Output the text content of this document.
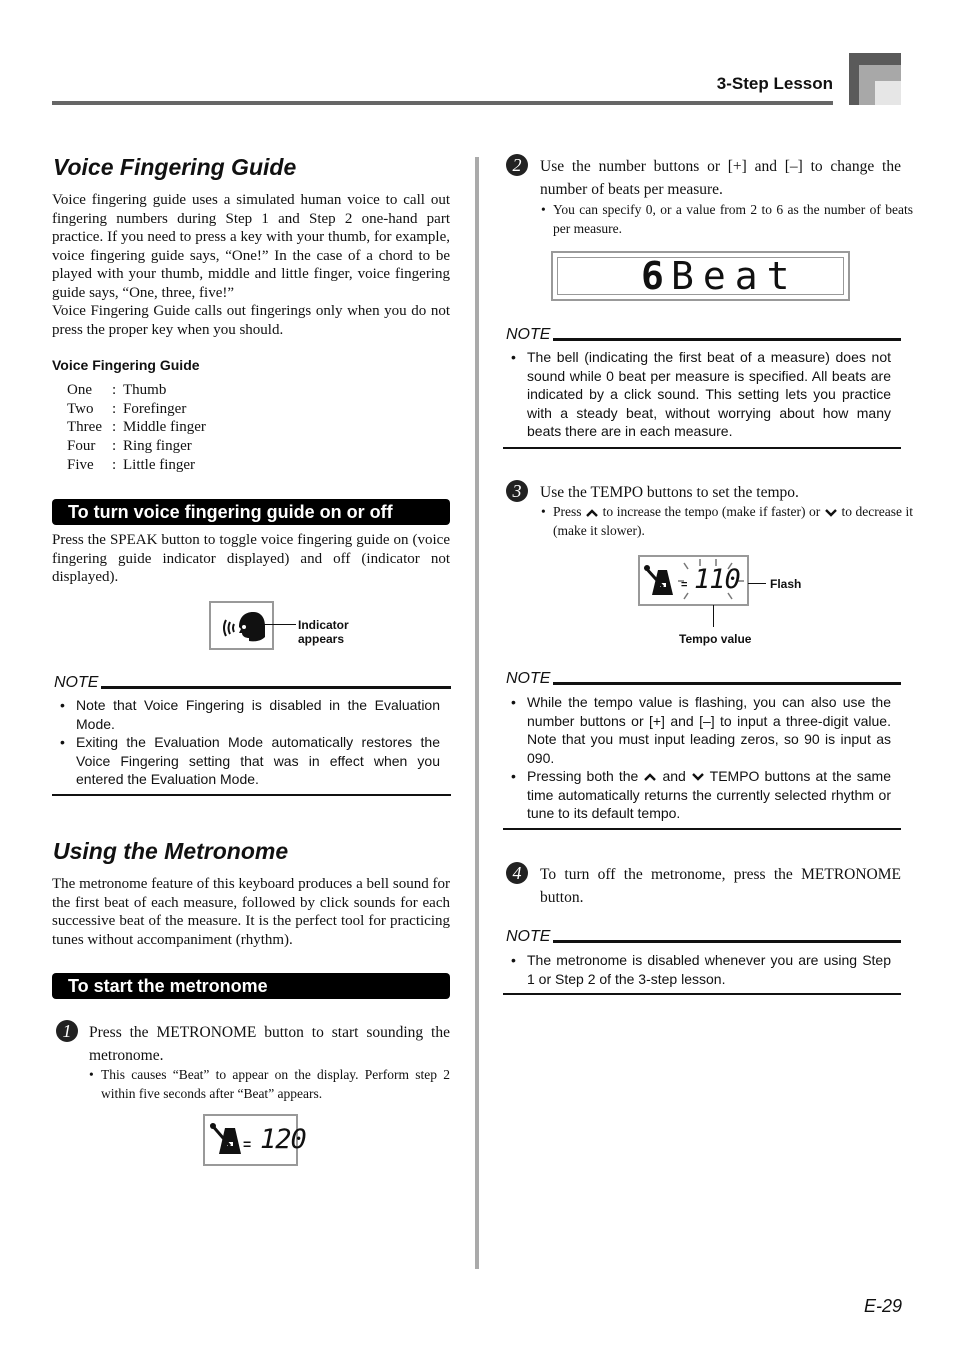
3-Step Lesson
Voice Fingering Guide
Voice fingering guide uses a simulated human voice to call out fingering numbers during Step 1 and Step 2 one-hand part practice. If you need to press a key with your thumb, for example, voice fingering guide says, “One!” In the case of a chord to be played with your thumb, middle and little finger, voice fingering guide says, “One, three, five!”
Voice Fingering Guide calls out fingerings only when you do not press the proper key when you should.
Voice Fingering Guide
One	: Thumb
Two	: Forefinger
Three : Middle finger
Four	: Ring finger
Five	: Little finger
To turn voice fingering guide on or off
Press the SPEAK button to toggle voice fingering guide on (voice fingering guide indicator displayed) and off (indicator not displayed).
Indicator
appears
NOTE
• Note that Voice Fingering is disabled in the Evaluation Mode.
• Exiting the Evaluation Mode automatically restores the Voice Fingering setting that was in effect when you entered the Evaluation Mode.
Using the Metronome
The metronome feature of this keyboard produces a bell sound for the first beat of each measure, followed by click sounds for each successive beat of the measure. It is the perfect tool for practicing tunes without accompaniment (rhythm).
To start the metronome
1	Press the METRONOME button to start sounding the metronome.
• This causes “Beat” to appear on the display. Perform step 2 within five seconds after “Beat” appears.
= 120
2	Use the number buttons or [+] and [–] to change the number of beats per measure.
• You can specify 0, or a value from 2 to 6 as the number of beats per measure.
6 Beat
NOTE
• The bell (indicating the first beat of a measure) does not sound while 0 beat per measure is specified. All beats are indicated by a click sound. This setting lets you practice with a steady beat, without worrying about how many beats there are in each measure.
3	Use the TEMPO buttons to set the tempo.
• Press to increase the tempo (make if faster) or to decrease it (make it slower).
= 110	Flash
Tempo value
NOTE
• While the tempo value is flashing, you can also use the number buttons or [+] and [–] to input a three-digit value. Note that you must input leading zeros, so 90 is input as 090.
• Pressing both the and TEMPO buttons at the same time automatically returns the currently selected rhythm or tune to its default tempo.
4	To turn off the metronome, press the METRONOME button.
NOTE
• The metronome is disabled whenever you are using Step 1 or Step 2 of the 3-step lesson.
E-29
